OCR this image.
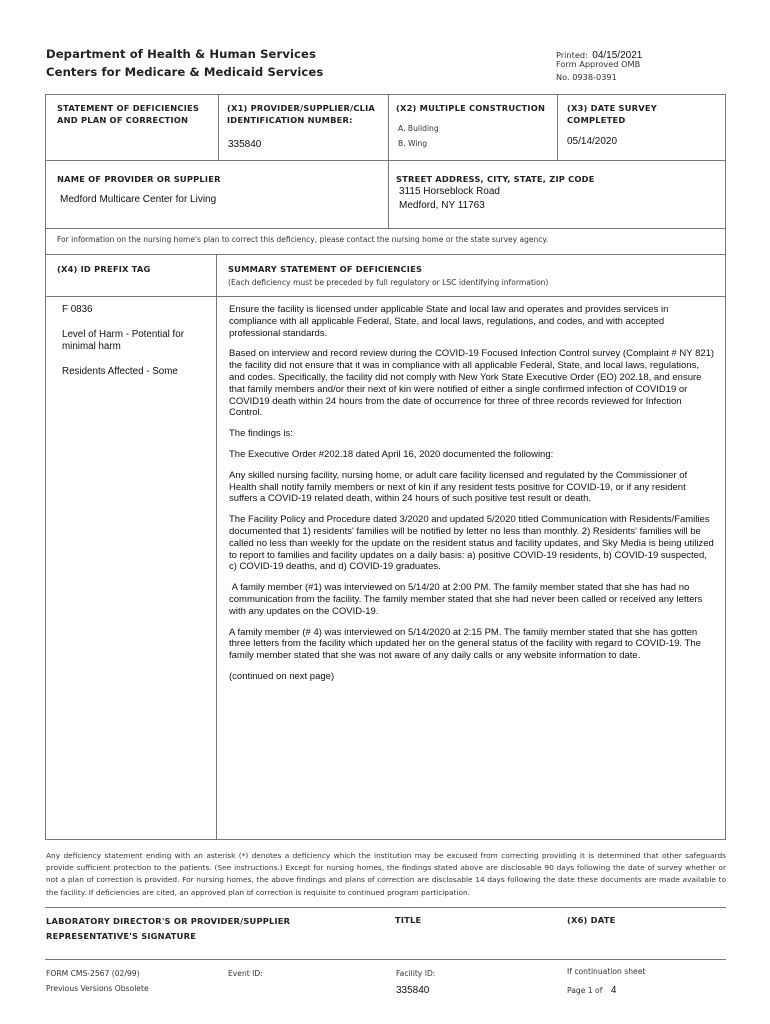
Department of Health & Human Services
Centers for Medicare & Medicaid Services
Printed: 04/15/2021
Form Approved OMB
No. 0938-0391
STATEMENT OF DEFICIENCIES
AND PLAN OF CORRECTION
(X1) PROVIDER/SUPPLIER/CLIA
IDENTIFICATION NUMBER:
335840
(X2) MULTIPLE CONSTRUCTION
A. Building
B. Wing
(X3) DATE SURVEY
COMPLETED
05/14/2020
NAME OF PROVIDER OR SUPPLIER
Medford Multicare Center for Living
STREET ADDRESS, CITY, STATE, ZIP CODE
3115 Horseblock Road
Medford, NY 11763
For information on the nursing home's plan to correct this deficiency, please contact the nursing home or the state survey agency.
(X4) ID PREFIX TAG	SUMMARY STATEMENT OF DEFICIENCIES
(Each deficiency must be preceded by full regulatory or LSC identifying information)
F 0836
Level of Harm - Potential for minimal harm
Residents Affected - Some

Ensure the facility is licensed under applicable State and local law and operates and provides services in compliance with all applicable Federal, State, and local laws, regulations, and codes, and with accepted professional standards.

Based on interview and record review during the COVID-19 Focused Infection Control survey (Complaint # NY 821) the facility did not ensure that it was in compliance with all applicable Federal, State, and local laws, regulations, and codes. Specifically, the facility did not comply with New York State Executive Order (EO) 202.18, and ensure that family members and/or their next of kin were notified of either a single confirmed infection of COVID19 or COVID19 death within 24 hours from the date of occurrence for three of three records reviewed for Infection Control.

The findings is:

The Executive Order #202.18 dated April 16, 2020 documented the following:

Any skilled nursing facility, nursing home, or adult care facility licensed and regulated by the Commissioner of Health shall notify family members or next of kin if any resident tests positive for COVID-19, or if any resident suffers a COVID-19 related death, within 24 hours of such positive test result or death.

The Facility Policy and Procedure dated 3/2020 and updated 5/2020 titled Communication with Residents/Families documented that 1) residents' families will be notified by letter no less than monthly. 2) Residents' families will be called no less than weekly for the update on the resident status and facility updates, and Sky Media is being utilized to report to families and facility updates on a daily basis: a) positive COVID-19 residents, b) COVID-19 suspected, c) COVID-19 deaths, and d) COVID-19 graduates.

A family member (#1) was interviewed on 5/14/20 at 2:00 PM. The family member stated that she has had no communication from the facility. The family member stated that she had never been called or received any letters with any updates on the COVID-19.

A family member (# 4) was interviewed on 5/14/2020 at 2:15 PM. The family member stated that she has gotten three letters from the facility which updated her on the general status of the facility with regard to COVID-19. The family member stated that she was not aware of any daily calls or any website information to date.

(continued on next page)

Any deficiency statement ending with an asterisk (*) denotes a deficiency which the institution may be excused from correcting providing it is determined that other safeguards provide sufficient protection to the patients. (See instructions.) Except for nursing homes, the findings stated above are disclosable 90 days following the date of survey whether or not a plan of correction is provided. For nursing homes, the above findings and plans of correction are disclosable 14 days following the date these documents are made available to the facility. If deficiencies are cited, an approved plan of correction is requisite to continued program participation.
LABORATORY DIRECTOR'S OR PROVIDER/SUPPLIER
REPRESENTATIVE'S SIGNATURE
TITLE	(X6) DATE
FORM CMS-2567 (02/99)
Previous Versions Obsolete
Event ID:	Facility ID:
335840
If continuation sheet
Page 1 of 4
